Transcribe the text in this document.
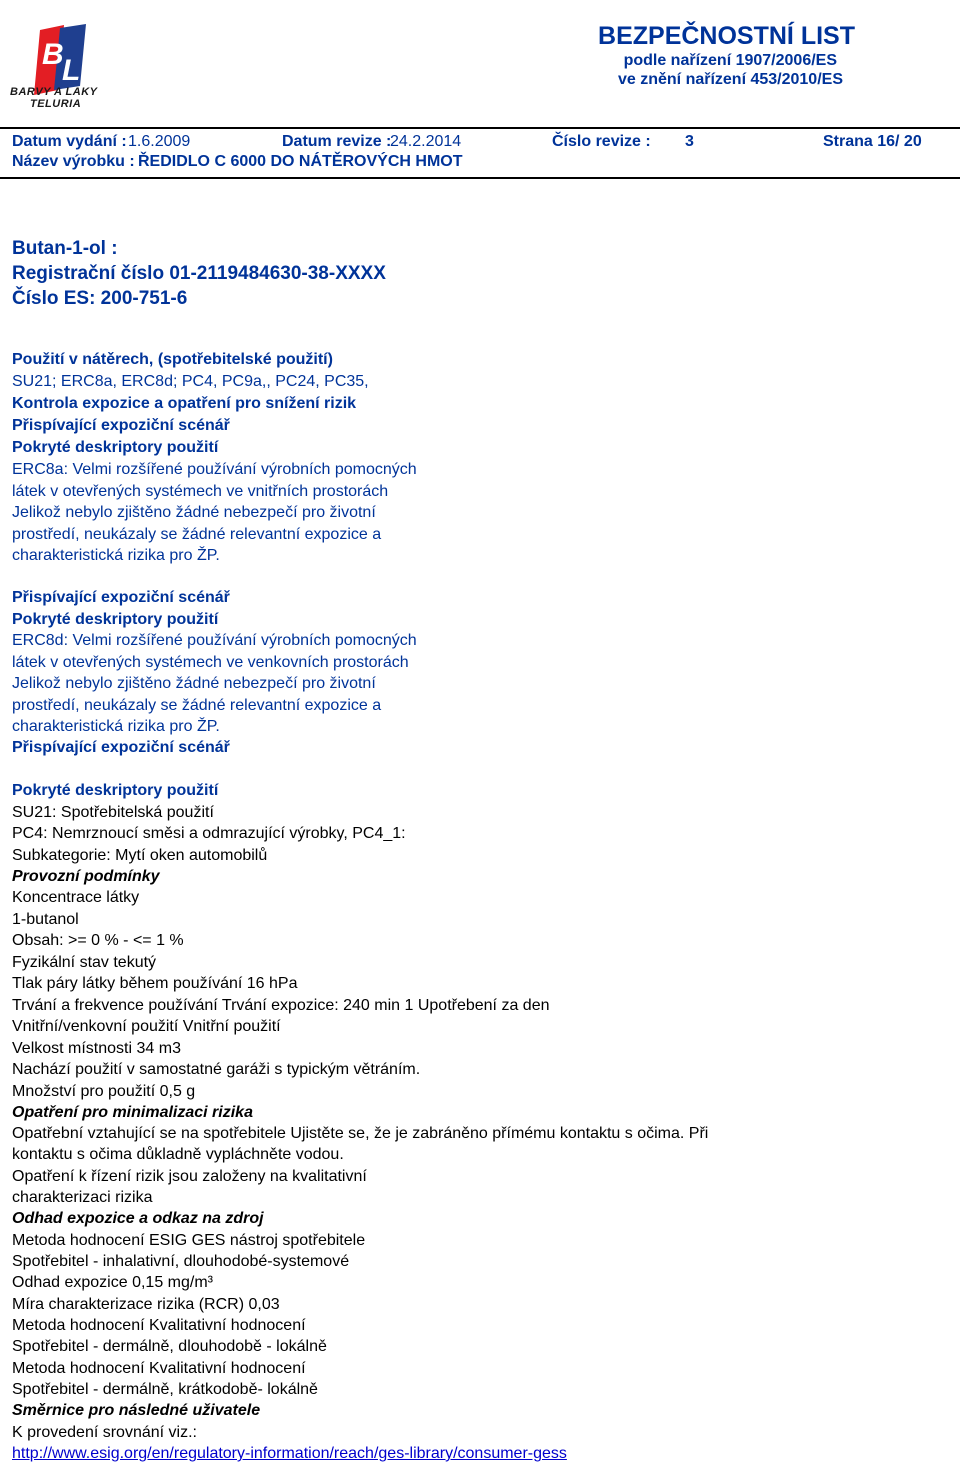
B
L
BARVY A LAKY
TELURIA
BEZPEČNOSTNÍ LIST
podle nařízení 1907/2006/ES
ve znění nařízení 453/2010/ES
Datum vydání : 1.6.2009	Datum revize :
24.2.2014	Číslo revize : 3	Strana 16/ 20
Název výrobku : ŘEDIDLO C 6000 DO NÁTĚROVÝCH HMOT
Butan-1-ol :
Registrační číslo 01-2119484630-38-XXXX
Číslo ES: 200-751-6
Použití v nátěrech, (spotřebitelské použití)
SU21; ERC8a, ERC8d; PC4, PC9a,, PC24, PC35,
Kontrola expozice a opatření pro snížení rizik
Přispívající expoziční scénář
Pokryté deskriptory použití
ERC8a: Velmi rozšířené používání výrobních pomocných
látek v otevřených systémech ve vnitřních prostorách
Jelikož nebylo zjištěno žádné nebezpečí pro životní
prostředí, neukázaly se žádné relevantní expozice a
charakteristická rizika pro ŽP.
Přispívající expoziční scénář
Pokryté deskriptory použití
ERC8d: Velmi rozšířené používání výrobních pomocných
látek v otevřených systémech ve venkovních prostorách
Jelikož nebylo zjištěno žádné nebezpečí pro životní
prostředí, neukázaly se žádné relevantní expozice a
charakteristická rizika pro ŽP.
Přispívající expoziční scénář
Pokryté deskriptory použití
SU21: Spotřebitelská použití
PC4: Nemrznoucí směsi a odmrazující výrobky, PC4_1:
Subkategorie: Mytí oken automobilů
Provozní podmínky
Koncentrace látky
1-butanol
Obsah: >= 0 % - <= 1 %
Fyzikální stav tekutý
Tlak páry látky během používání 16 hPa
Trvání a frekvence používání Trvání expozice: 240 min 1 Upotřebení za den
Vnitřní/venkovní použití Vnitřní použití
Velkost místnosti 34 m3
Nachází použití v samostatné garáži s typickým větráním.
Množství pro použití 0,5 g
Opatření pro minimalizaci rizika
Opatřební vztahující se na spotřebitele Ujistěte se, že je zabráněno přímému kontaktu s očima. Při
kontaktu s očima důkladně vypláchněte vodou.
Opatření k řízení rizik jsou založeny na kvalitativní
charakterizaci rizika
Odhad expozice a odkaz na zdroj
Metoda hodnocení ESIG GES nástroj spotřebitele
Spotřebitel - inhalativní, dlouhodobé-systemové
Odhad expozice 0,15 mg/m³
Míra charakterizace rizika (RCR) 0,03
Metoda hodnocení Kvalitativní hodnocení
Spotřebitel - dermálně, dlouhodobě - lokálně
Metoda hodnocení Kvalitativní hodnocení
Spotřebitel - dermálně, krátkodobě- lokálně
Směrnice pro následné uživatele
K provedení srovnání viz.:
http://www.esig.org/en/regulatory-information/reach/ges-library/consumer-gess
